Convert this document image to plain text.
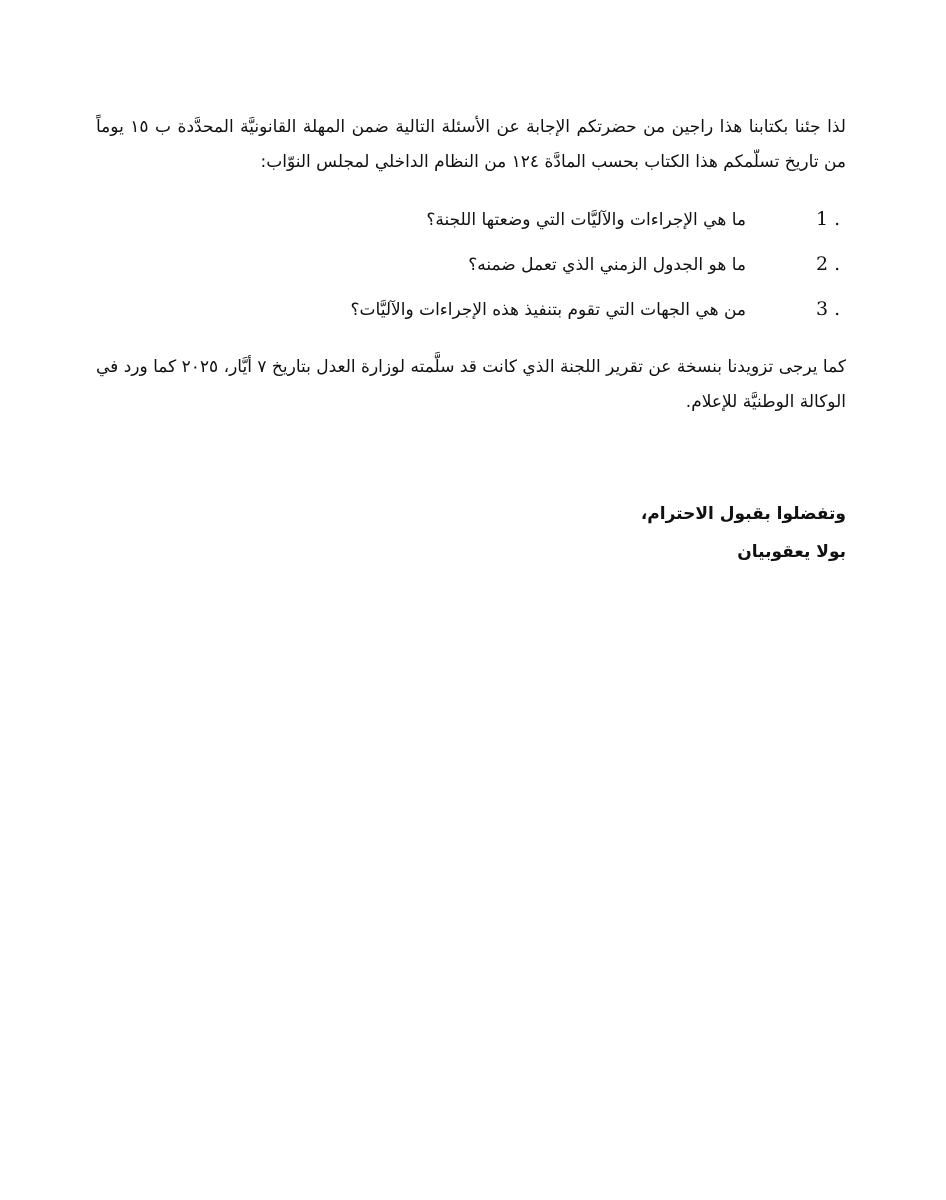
لذا جئنا بكتابنا هذا راجين من حضرتكم الإجابة عن الأسئلة التالية ضمن المهلة القانونيَّة المحدَّدة ب ١٥ يوماً من تاريخ تسلّمكم هذا الكتاب بحسب المادَّة ١٢٤ من النظام الداخلي لمجلس النوّاب:

1 .
ما هي الإجراءات والآليَّات التي وضعتها اللجنة؟
2 .
ما هو الجدول الزمني الذي تعمل ضمنه؟
3 .
من هي الجهات التي تقوم بتنفيذ هذه الإجراءات والآليَّات؟

كما يرجى تزويدنا بنسخة عن تقرير اللجنة الذي كانت قد سلَّمته لوزارة العدل بتاريخ ٧ أيَّار، ٢٠٢٥ كما ورد في الوكالة الوطنيَّة للإعلام.

وتفضلوا بقبول الاحترام،
بولا يعقوبيان
